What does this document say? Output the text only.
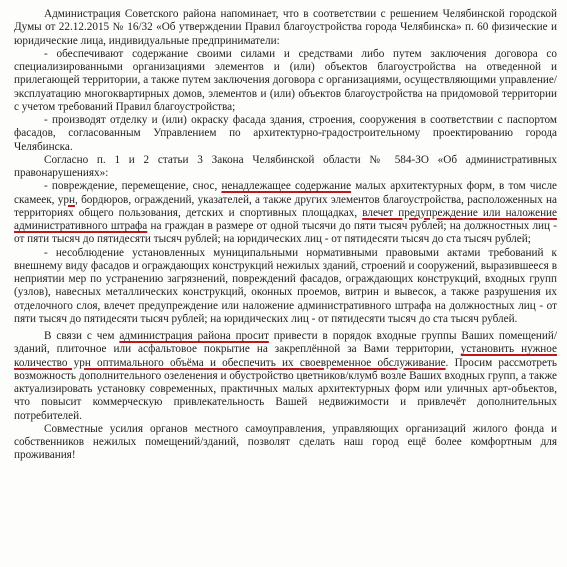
Администрация Советского района напоминает, что в соответствии с решением Челябинской городской Думы от 22.12.2015 № 16/32 «Об утверждении Правил благоустройства города Челябинска» п. 60 физические и юридические лица, индивидуальные предприниматели:

- обеспечивают содержание своими силами и средствами либо путем заключения договора со специализированными организациями элементов и (или) объектов благоустройства на отведенной и прилегающей территории, а также путем заключения договора с организациями, осуществляющими управление/эксплуатацию многоквартирных домов, элементов и (или) объектов благоустройства на придомовой территории с учетом требований Правил благоустройства;

- производят отделку и (или) окраску фасада здания, строения, сооружения в соответствии с паспортом фасадов, согласованным Управлением по архитектурно-градостроительному проектированию города Челябинска.

Согласно п. 1 и 2 статьи 3 Закона Челябинской области № 584-ЗО «Об административных правонарушениях»:

- повреждение, перемещение, снос, ненадлежащее содержание малых архитектурных форм, в том числе скамеек, урн, бордюров, ограждений, указателей, а также других элементов благоустройства, расположенных на территориях общего пользования, детских и спортивных площадках, влечет предупреждение или наложение административного штрафа на граждан в размере от одной тысячи до пяти тысяч рублей; на должностных лиц - от пяти тысяч до пятидесяти тысяч рублей; на юридических лиц - от пятидесяти тысяч до ста тысяч рублей;

- несоблюдение установленных муниципальными нормативными правовыми актами требований к внешнему виду фасадов и ограждающих конструкций нежилых зданий, строений и сооружений, выразившееся в неприятии мер по устранению загрязнений, повреждений фасадов, ограждающих конструкций, входных групп (узлов), навесных металлических конструкций, оконных проемов, витрин и вывесок, а также разрушения их отделочного слоя, влечет предупреждение или наложение административного штрафа на должностных лиц - от пяти тысяч до пятидесяти тысяч рублей; на юридических лиц - от пятидесяти тысяч до ста тысяч рублей.

В связи с чем администрация района просит привести в порядок входные группы Ваших помещений/зданий, плиточное или асфальтовое покрытие на закреплённой за Вами территории, установить нужное количество урн оптимального объёма и обеспечить их своевременное обслуживание. Просим рассмотреть возможность дополнительного озеленения и обустройство цветников/клумб возле Ваших входных групп, а также актуализировать установку современных, практичных малых архитектурных форм или уличных арт-объектов, что повысит коммерческую привлекательность Вашей недвижимости и привлечёт дополнительных потребителей.

Совместные усилия органов местного самоуправления, управляющих организаций жилого фонда и собственников нежилых помещений/зданий, позволят сделать наш город ещё более комфортным для проживания!
